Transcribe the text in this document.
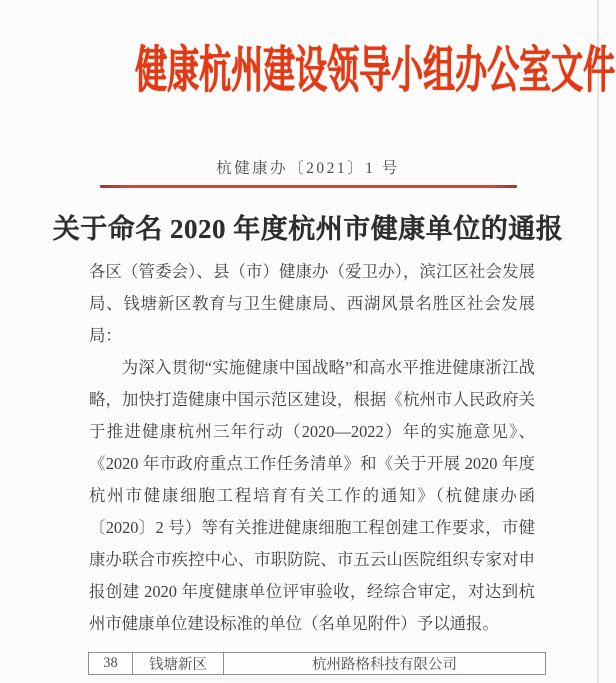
健康杭州建设领导小组办公室文件
杭健康办〔2021〕1 号
关于命名 2020 年度杭州市健康单位的通报

各区（管委会）、县（市）健康办（爱卫办），滨江区社会发展局、钱塘新区教育与卫生健康局、西湖风景名胜区社会发展局：

为深入贯彻“实施健康中国战略”和高水平推进健康浙江战略，加快打造健康中国示范区建设，根据《杭州市人民政府关于推进健康杭州三年行动（2020—2022）年的实施意见》、《2020 年市政府重点工作任务清单》和《关于开展 2020 年度杭州市健康细胞工程培育有关工作的通知》（杭健康办函〔2020〕2 号）等有关推进健康细胞工程创建工作要求，市健康办联合市疾控中心、市职防院、市五云山医院组织专家对申报创建 2020 年度健康单位评审验收，经综合审定，对达到杭州市健康单位建设标准的单位（名单见附件）予以通报。

38	钱塘新区	杭州路格科技有限公司
